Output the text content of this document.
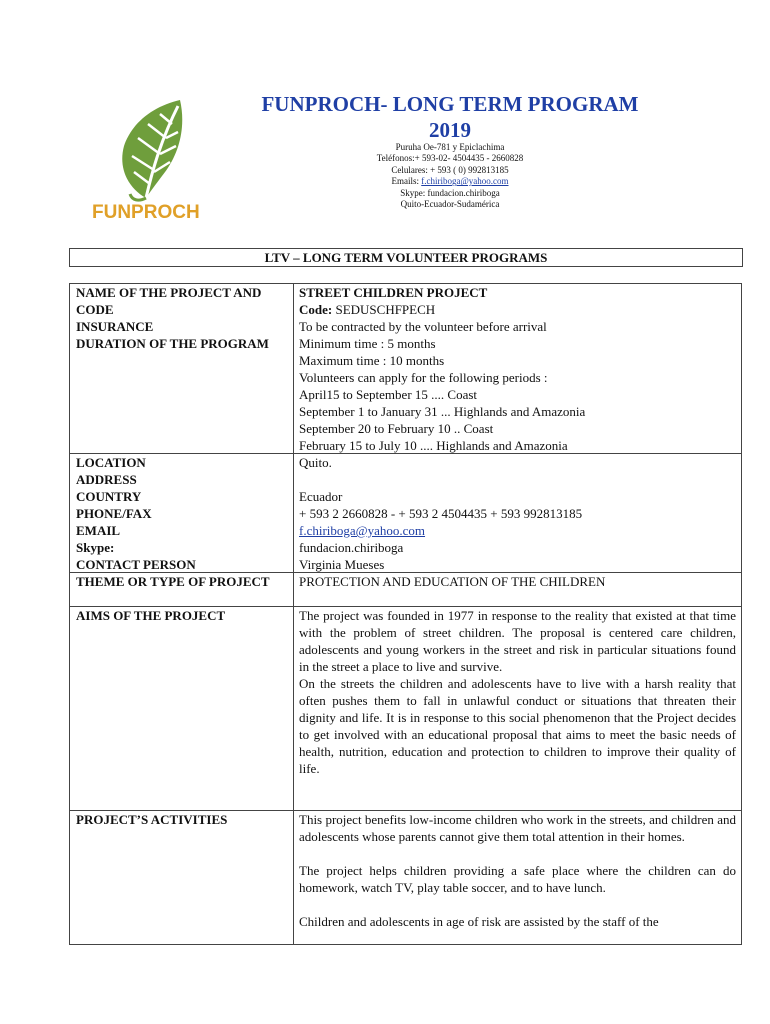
FUNPROCH
FUNPROCH- LONG TERM PROGRAM
2019
Puruha Oe-781 y Epiclachima
Teléfonos:+ 593-02- 4504435 - 2660828
Celulares: + 593 ( 0) 992813185
Emails: f.chiriboga@yahoo.com
Skype: fundacion.chiriboga
Quito-Ecuador-Sudamérica
LTV – LONG TERM VOLUNTEER PROGRAMS
NAME OF THE PROJECT AND CODE
INSURANCE
DURATION OF THE PROGRAM
LOCATION
ADDRESS
COUNTRY
PHONE/FAX
EMAIL
Skype:
CONTACT PERSON
THEME OR TYPE OF PROJECT
AIMS OF THE PROJECT
PROJECT’S ACTIVITIES
STREET CHILDREN PROJECT
Code: SEDUSCHFPECH
To be contracted by the volunteer before arrival
Minimum time : 5 months
Maximum time : 10 months
Volunteers can apply for the following periods :
April15 to September 15 .... Coast
September 1 to January 31 ... Highlands and Amazonia
September 20 to February 10 .. Coast
February 15 to July 10 .... Highlands and Amazonia
Quito.
Ecuador
+ 593 2 2660828 - + 593 2 4504435 + 593 992813185
f.chiriboga@yahoo.com
fundacion.chiriboga
Virginia Mueses
PROTECTION AND EDUCATION OF THE CHILDREN
The project was founded in 1977 in response to the reality that existed at that time with the problem of street children. The proposal is centered care children, adolescents and young workers in the street and risk in particular situations found in the street a place to live and survive.
On the streets the children and adolescents have to live with a harsh reality that often pushes them to fall in unlawful conduct or situations that threaten their dignity and life. It is in response to this social phenomenon that the Project decides to get involved with an educational proposal that aims to meet the basic needs of health, nutrition, education and protection to children to improve their quality of life.
This project benefits low-income children who work in the streets, and children and adolescents whose parents cannot give them total attention in their homes.
The project helps children providing a safe place where the children can do homework, watch TV, play table soccer, and to have lunch.
Children and adolescents in age of risk are assisted by the staff of the
